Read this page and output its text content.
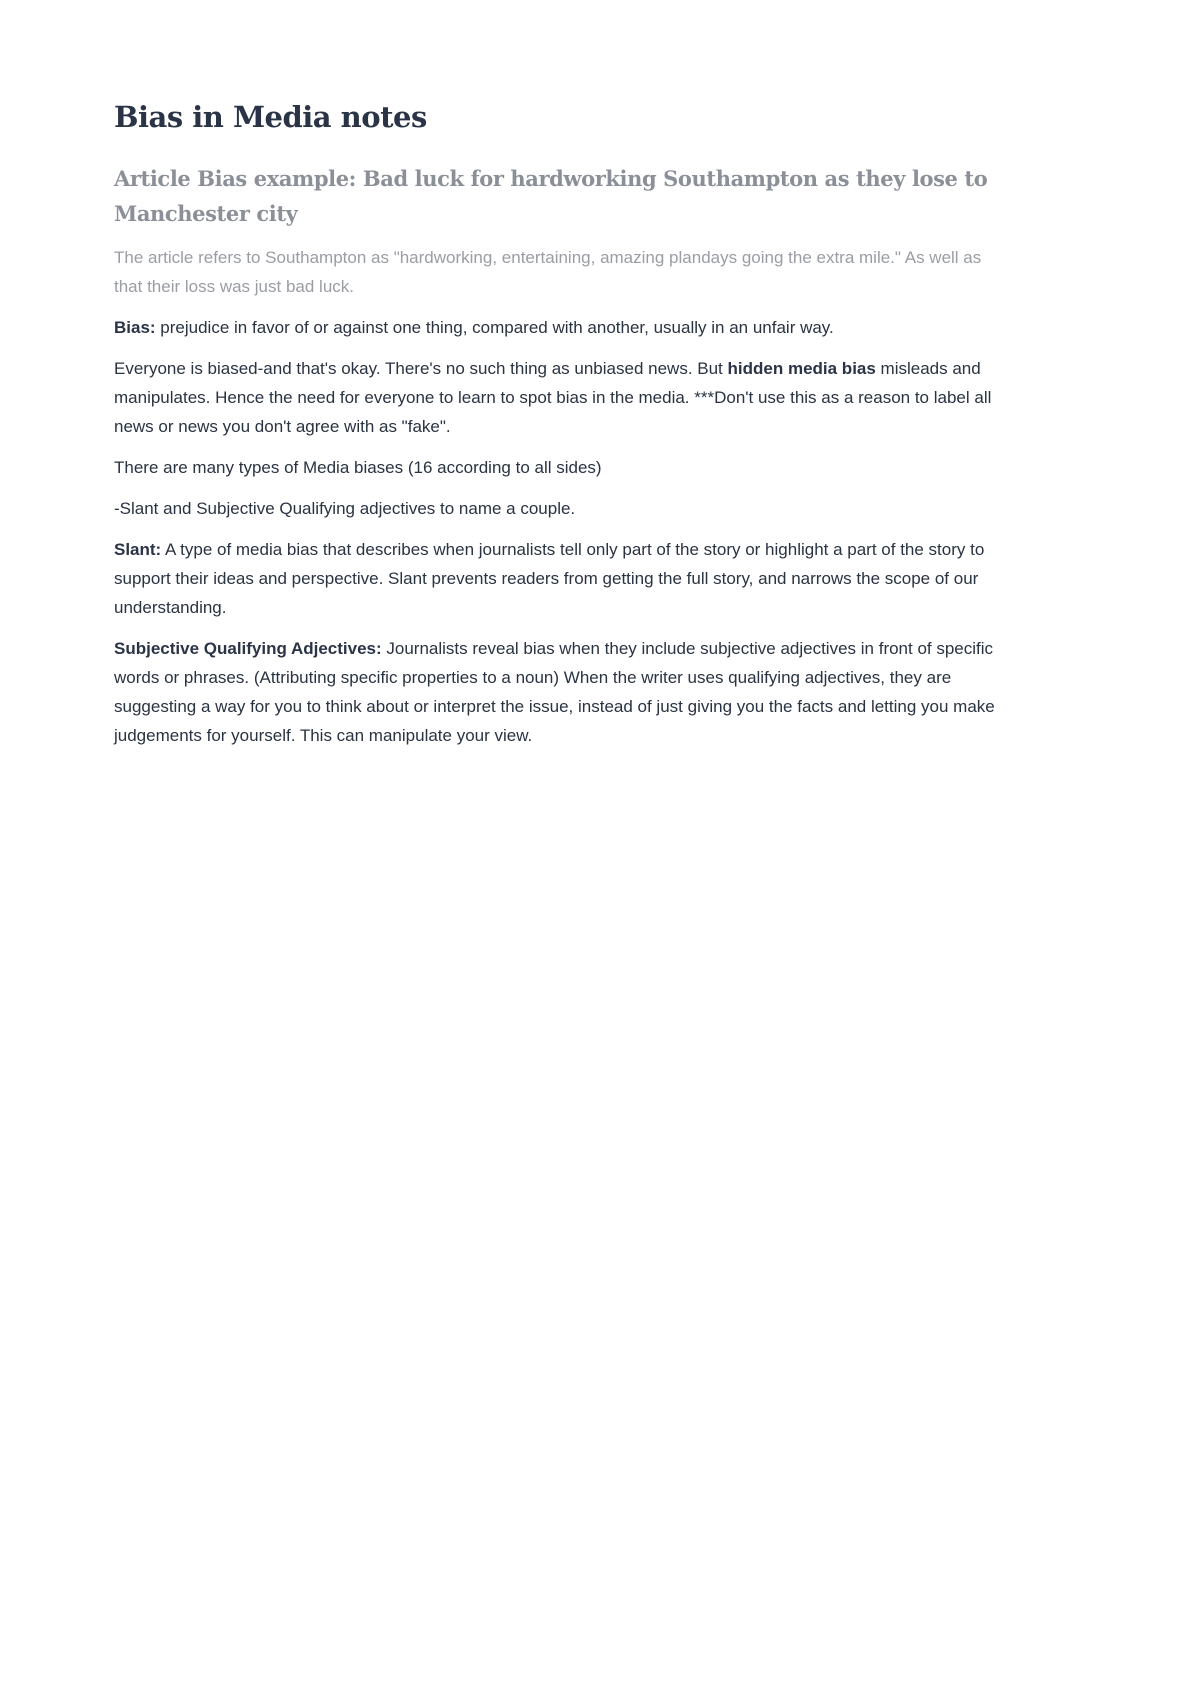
Bias in Media notes
Article Bias example: Bad luck for hardworking Southampton as they lose to Manchester city

The article refers to Southampton as "hardworking, entertaining, amazing plandays going the extra mile." As well as that their loss was just bad luck.

Bias: prejudice in favor of or against one thing, compared with another, usually in an unfair way.

Everyone is biased-and that's okay. There's no such thing as unbiased news. But hidden media bias misleads and manipulates. Hence the need for everyone to learn to spot bias in the media. ***Don't use this as a reason to label all news or news you don't agree with as "fake".

There are many types of Media biases (16 according to all sides)

-Slant and Subjective Qualifying adjectives to name a couple.

Slant: A type of media bias that describes when journalists tell only part of the story or highlight a part of the story to support their ideas and perspective. Slant prevents readers from getting the full story, and narrows the scope of our understanding.

Subjective Qualifying Adjectives: Journalists reveal bias when they include subjective adjectives in front of specific words or phrases. (Attributing specific properties to a noun) When the writer uses qualifying adjectives, they are suggesting a way for you to think about or interpret the issue, instead of just giving you the facts and letting you make judgements for yourself. This can manipulate your view.
